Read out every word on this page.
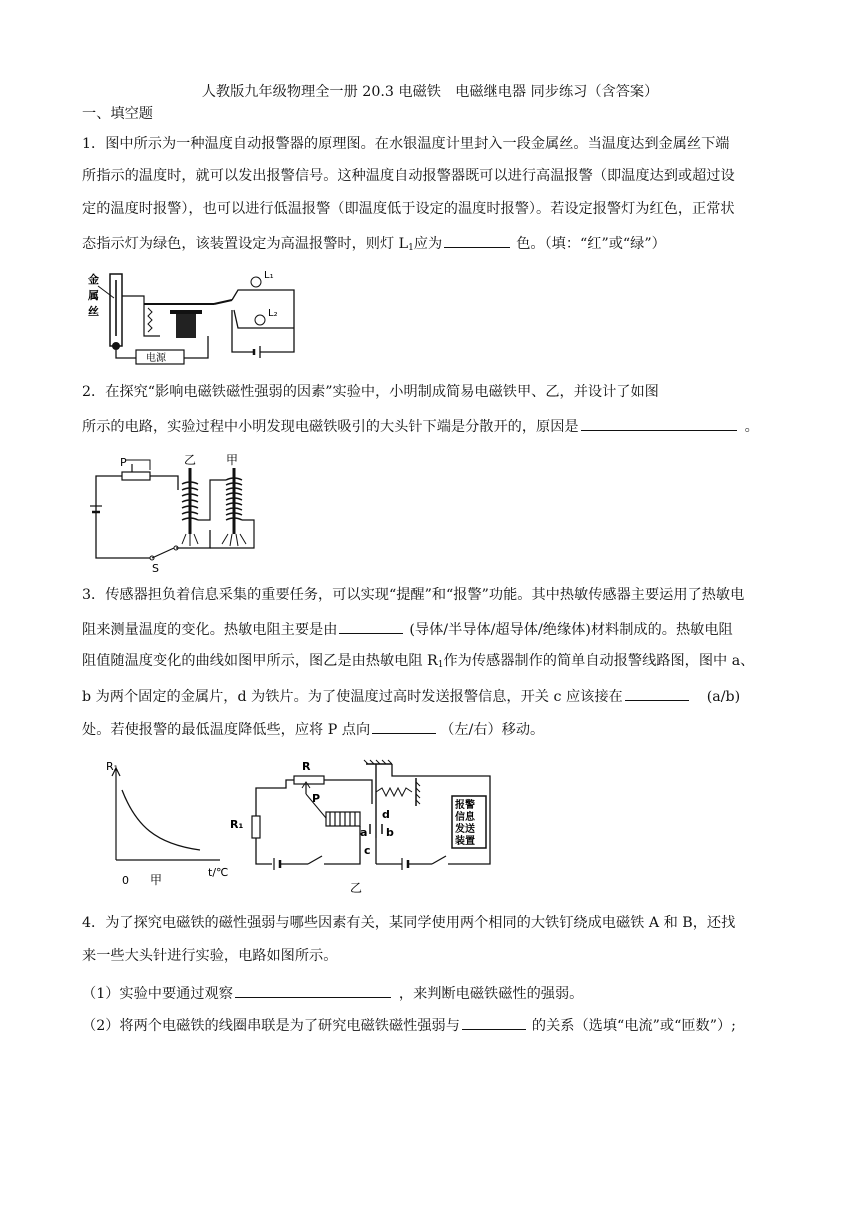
人教版九年级物理全一册 20.3 电磁铁　电磁继电器 同步练习（含答案）
一、填空题
1．图中所示为一种温度自动报警器的原理图。在水银温度计里封入一段金属丝。当温度达到金属丝下端
所指示的温度时，就可以发出报警信号。这种温度自动报警器既可以进行高温报警（即温度达到或超过设
定的温度时报警），也可以进行低温报警（即温度低于设定的温度时报警）。若设定报警灯为红色，正常状
态指示灯为绿色，该装置设定为高温报警时，则灯 $L_1$应为	色。（填：“红”或“绿”）
金
属
丝
电源
L₁
L₂
2．在探究“影响电磁铁磁性强弱的因素”实验中，小明制成简易电磁铁甲、乙，并设计了如图
所示的电路，实验过程中小明发现电磁铁吸引的大头针下端是分散开的，原因是	。
P	乙 甲
S
3．传感器担负着信息采集的重要任务，可以实现“提醒”和“报警”功能。其中热敏传感器主要运用了热敏电
阻来测量温度的变化。热敏电阻主要是由	(导体/半导体/超导体/绝缘体)材料制成的。热敏电阻
阻值随温度变化的曲线如图甲所示，图乙是由热敏电阻 $R_1$作为传感器制作的简单自动报警线路图，图中 a、
b 为两个固定的金属片，d 为铁片。为了使温度过高时发送报警信息，开关 c 应该接在	(a/b)
处。若使报警的最低温度降低些，应将 P 点向	（左/右）移动。
R₁
t/℃
0 甲
R
P
R₁
乙
d
a b
c
报警
信息
发送
装置
4．为了探究电磁铁的磁性强弱与哪些因素有关，某同学使用两个相同的大铁钉绕成电磁铁 A 和 B，还找
来一些大头针进行实验，电路如图所示。
（1）实验中要通过观察	，来判断电磁铁磁性的强弱。
（2）将两个电磁铁的线圈串联是为了研究电磁铁磁性强弱与	的关系（选填“电流”或“匝数”）;
